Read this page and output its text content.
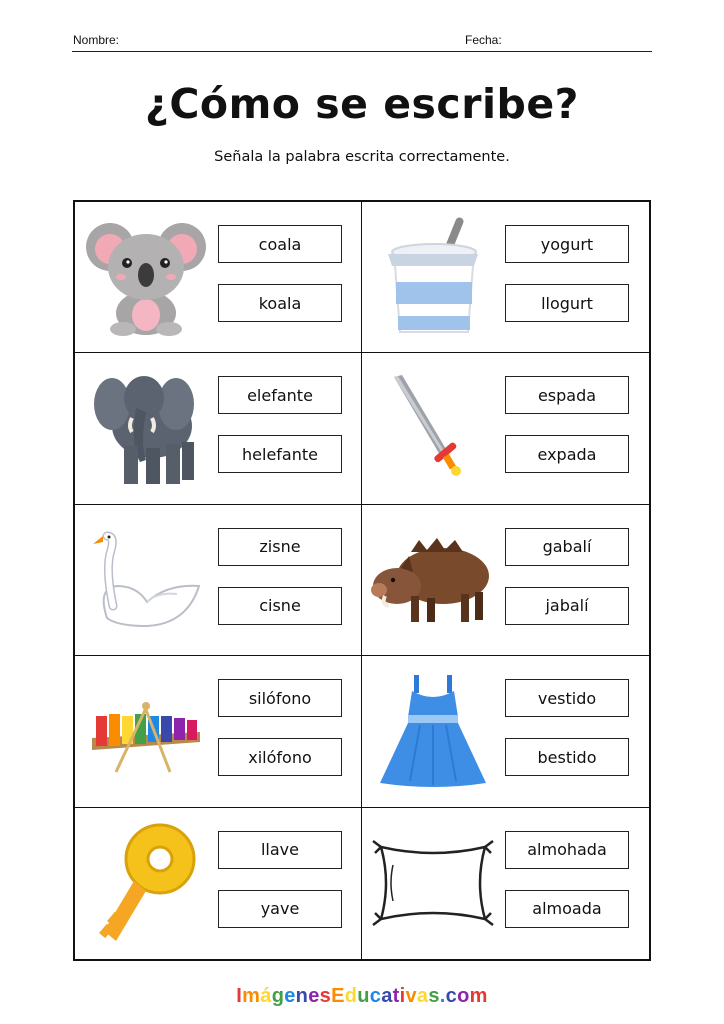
Nombre:	Fecha:
¿Cómo se escribe?
Señala la palabra escrita correctamente.
coala
koala
yogurt
llogurt
elefante
helefante
espada
expada
zisne
cisne
gabalí
jabalí
silófono
xilófono
vestido
bestido
llave
yave
almohada
almoada
ImágenesEducativas.com
